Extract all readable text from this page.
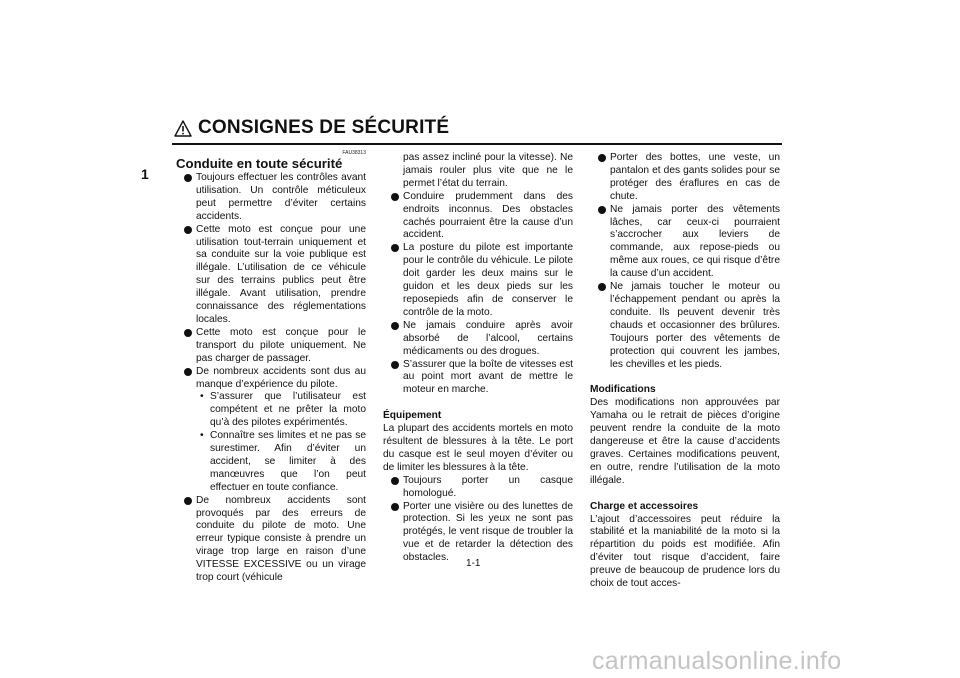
CONSIGNES DE SÉCURITÉ
1
FAU38313
Conduite en toute sécurité
Toujours effectuer les contrôles avant utilisation. Un contrôle méticuleux peut permettre d’éviter certains accidents.
Cette moto est conçue pour une utilisation tout-terrain uniquement et sa conduite sur la voie publique est illégale. L’utilisation de ce véhicule sur des terrains publics peut être illégale. Avant utilisation, prendre connaissance des réglementations locales.
Cette moto est conçue pour le transport du pilote uniquement. Ne pas charger de passager.
De nombreux accidents sont dus au manque d’expérience du pilote.
• S’assurer que l’utilisateur est compétent et ne prêter la moto qu’à des pilotes expérimentés.
• Connaître ses limites et ne pas se surestimer. Afin d’éviter un accident, se limiter à des manœuvres que l’on peut effectuer en toute confiance.
De nombreux accidents sont provoqués par des erreurs de conduite du pilote de moto. Une erreur typique consiste à prendre un virage trop large en raison d’une VITESSE EXCESSIVE ou un virage trop court (véhicule
pas assez incliné pour la vitesse). Ne jamais rouler plus vite que ne le permet l’état du terrain.
Conduire prudemment dans des endroits inconnus. Des obstacles cachés pourraient être la cause d’un accident.
La posture du pilote est importante pour le contrôle du véhicule. Le pilote doit garder les deux mains sur le guidon et les deux pieds sur les reposepieds afin de conserver le contrôle de la moto.
Ne jamais conduire après avoir absorbé de l’alcool, certains médicaments ou des drogues.
S’assurer que la boîte de vitesses est au point mort avant de mettre le moteur en marche.

Équipement

La plupart des accidents mortels en moto résultent de blessures à la tête. Le port du casque est le seul moyen d’éviter ou de limiter les blessures à la tête.

Toujours porter un casque homologué.
Porter une visière ou des lunettes de protection. Si les yeux ne sont pas protégés, le vent risque de troubler la vue et de retarder la détection des obstacles.
Porter des bottes, une veste, un pantalon et des gants solides pour se protéger des éraflures en cas de chute.
Ne jamais porter des vêtements lâches, car ceux-ci pourraient s’accrocher aux leviers de commande, aux repose-pieds ou même aux roues, ce qui risque d’être la cause d’un accident.
Ne jamais toucher le moteur ou l’échappement pendant ou après la conduite. Ils peuvent devenir très chauds et occasionner des brûlures. Toujours porter des vêtements de protection qui couvrent les jambes, les chevilles et les pieds.

Modifications

Des modifications non approuvées par Yamaha ou le retrait de pièces d’origine peuvent rendre la conduite de la moto dangereuse et être la cause d’accidents graves. Certaines modifications peuvent, en outre, rendre l’utilisation de la moto illégale.

Charge et accessoires

L’ajout d’accessoires peut réduire la stabilité et la maniabilité de la moto si la répartition du poids est modifiée. Afin d’éviter tout risque d’accident, faire preuve de beaucoup de prudence lors du choix de tout acces-

1-1
carmanualsonline.info
